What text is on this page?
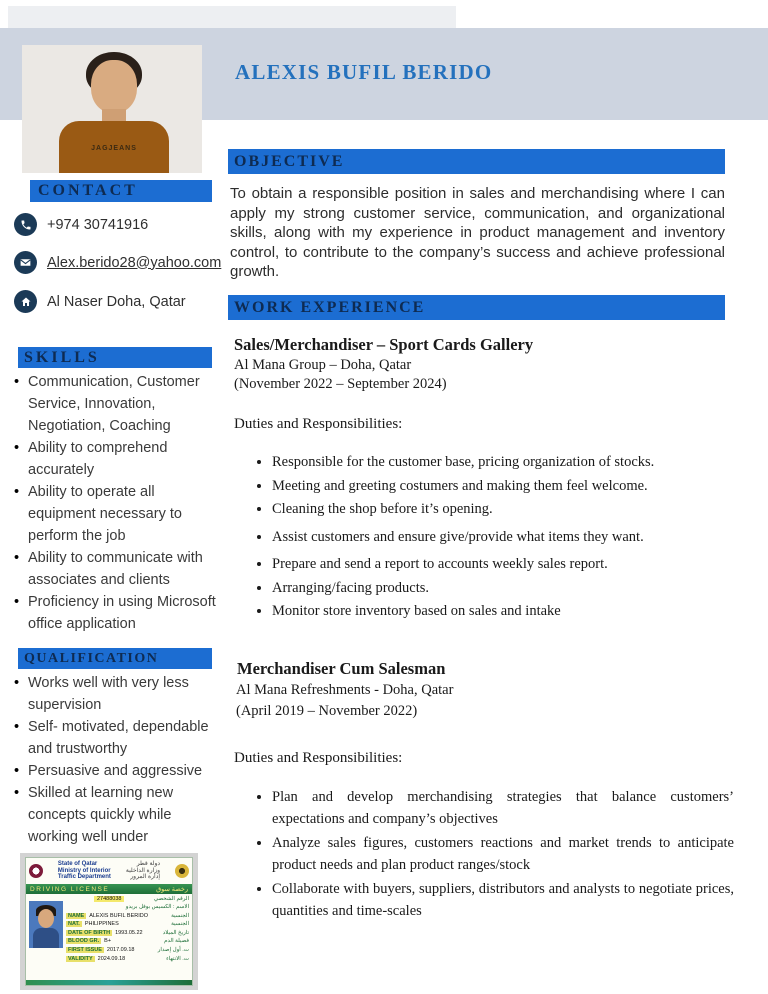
JAGJEANS
ALEXIS BUFIL BERIDO
CONTACT
+974 30741916
Alex.berido28@yahoo.com
Al Naser Doha, Qatar
SKILLS
• Communication, Customer Service, Innovation, Negotiation, Coaching
• Ability to comprehend accurately
• Ability to operate all equipment necessary to perform the job
• Ability to communicate with associates and clients
• Proficiency in using Microsoft office application
QUALIFICATION
• Works well with very less supervision
• Self- motivated, dependable and trustworthy
• Persuasive and aggressive
• Skilled at learning new concepts quickly while working well under
State of Qatar
Ministry of Interior
Traffic Department
دولة قطر
وزارة الداخلية
إدارة المرور
DRIVING LICENSE	رخصة سوق
27488038	الرقم الشخصي
الاسم : الكسيس بوفل بريدو
NAME ALEXIS BUFIL BERIDO	الجنسية
NAT. PHILIPPINES	الجنسية
DATE OF BIRTH 1993.05.22	تاريخ الميلاد
BLOOD GR. B+	فصيلة الدم
FIRST ISSUE 2017.09.18	ت. أول إصدار
VALIDITY 2024.09.18	ت. الانتهاء
OBJECTIVE
To obtain a responsible position in sales and merchandising where I can apply my strong customer service, communication, and organizational skills, along with my experience in product management and inventory control, to contribute to the company’s success and achieve professional growth.
WORK EXPERIENCE
Sales/Merchandiser – Sport Cards Gallery
Al Mana Group – Doha, Qatar
(November 2022 – September 2024)
Duties and Responsibilities:
• Responsible for the customer base, pricing organization of stocks.
• Meeting and greeting costumers and making them feel welcome.
• Cleaning the shop before it’s opening.
• Assist customers and ensure give/provide what items they want.
• Prepare and send a report to accounts weekly sales report.
• Arranging/facing products.
• Monitor store inventory based on sales and intake
Merchandiser Cum Salesman
Al Mana Refreshments - Doha, Qatar
(April 2019 – November 2022)
Duties and Responsibilities:
• Plan and develop merchandising strategies that balance customers’ expectations and company’s objectives
• Analyze sales figures, customers reactions and market trends to anticipate product needs and plan product ranges/stock
• Collaborate with buyers, suppliers, distributors and analysts to negotiate prices, quantities and time-scales
